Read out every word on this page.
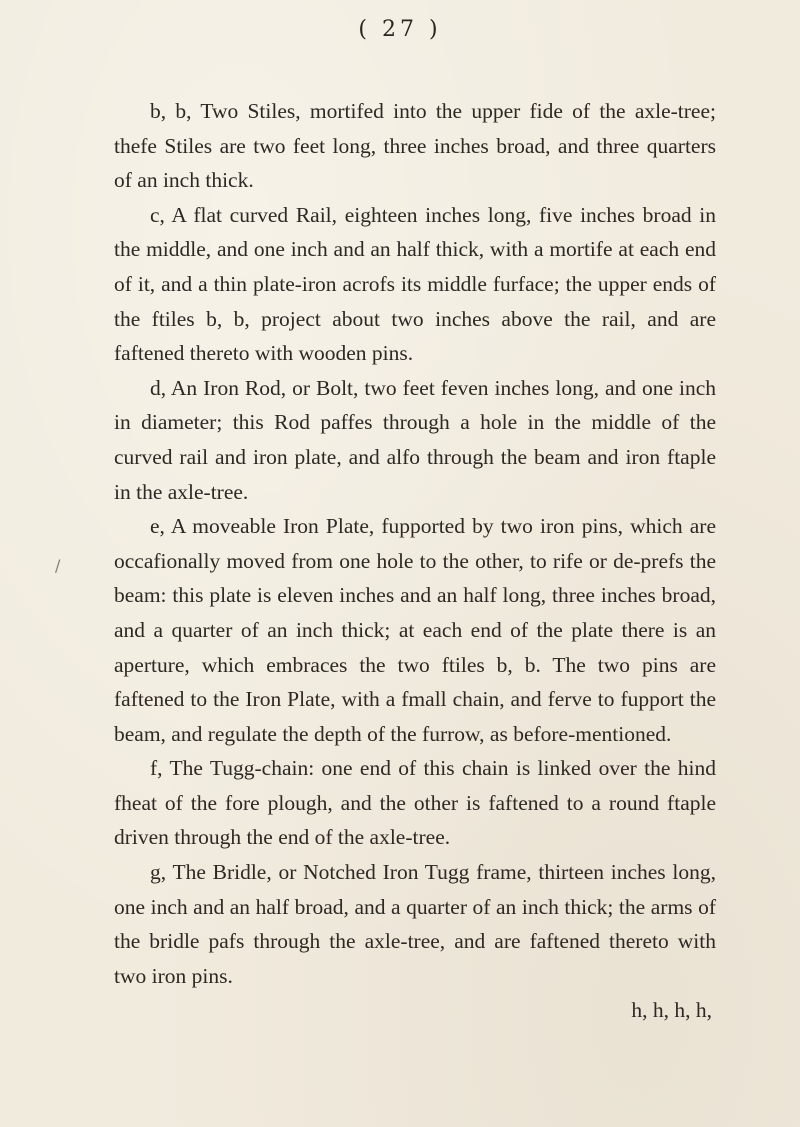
( 27 )
/

b, b, Two Stiles, mortifed into the upper fide of the axle-tree; thefe Stiles are two feet long, three inches broad, and three quarters of an inch thick.

c, A flat curved Rail, eighteen inches long, five inches broad in the middle, and one inch and an half thick, with a mortife at each end of it, and a thin plate-iron acrofs its middle furface; the upper ends of the ftiles b, b, project about two inches above the rail, and are faftened thereto with wooden pins.

d, An Iron Rod, or Bolt, two feet feven inches long, and one inch in diameter; this Rod paffes through a hole in the middle of the curved rail and iron plate, and alfo through the beam and iron ftaple in the axle-tree.

e, A moveable Iron Plate, fupported by two iron pins, which are occafionally moved from one hole to the other, to rife or de-prefs the beam: this plate is eleven inches and an half long, three inches broad, and a quarter of an inch thick; at each end of the plate there is an aperture, which embraces the two ftiles b, b. The two pins are faftened to the Iron Plate, with a fmall chain, and ferve to fupport the beam, and regulate the depth of the furrow, as before-mentioned.

f, The Tugg-chain: one end of this chain is linked over the hind fheat of the fore plough, and the other is faftened to a round ftaple driven through the end of the axle-tree.

g, The Bridle, or Notched Iron Tugg frame, thirteen inches long, one inch and an half broad, and a quarter of an inch thick; the arms of the bridle pafs through the axle-tree, and are faftened thereto with two iron pins.

h, h, h, h,
